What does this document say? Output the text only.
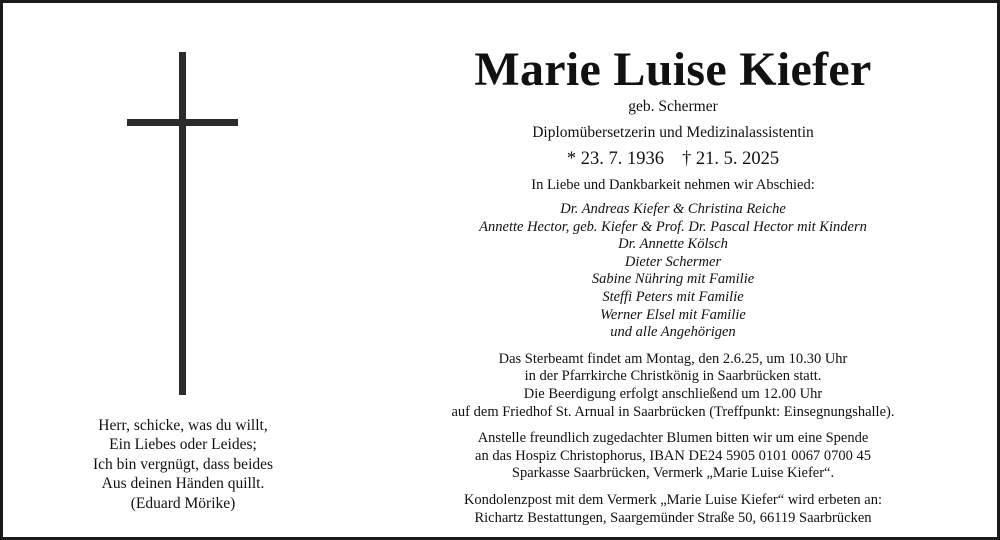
Herr, schicke, was du willt,
Ein Liebes oder Leides;
Ich bin vergnügt, dass beides
Aus deinen Händen quillt.
(Eduard Mörike)
Marie Luise Kiefer
geb. Schermer
Diplomübersetzerin und Medizinalassistentin
* 23. 7. 1936 † 21. 5. 2025
In Liebe und Dankbarkeit nehmen wir Abschied:
Dr. Andreas Kiefer & Christina Reiche
Annette Hector, geb. Kiefer & Prof. Dr. Pascal Hector mit Kindern
Dr. Annette Kölsch
Dieter Schermer
Sabine Nühring mit Familie
Steffi Peters mit Familie
Werner Elsel mit Familie
und alle Angehörigen
Das Sterbeamt findet am Montag, den 2.6.25, um 10.30 Uhr
in der Pfarrkirche Christkönig in Saarbrücken statt.
Die Beerdigung erfolgt anschließend um 12.00 Uhr
auf dem Friedhof St. Arnual in Saarbrücken (Treffpunkt: Einsegnungshalle).
Anstelle freundlich zugedachter Blumen bitten wir um eine Spende
an das Hospiz Christophorus, IBAN DE24 5905 0101 0067 0700 45
Sparkasse Saarbrücken, Vermerk „Marie Luise Kiefer“.
Kondolenzpost mit dem Vermerk „Marie Luise Kiefer“ wird erbeten an:
Richartz Bestattungen, Saargemünder Straße 50, 66119 Saarbrücken
